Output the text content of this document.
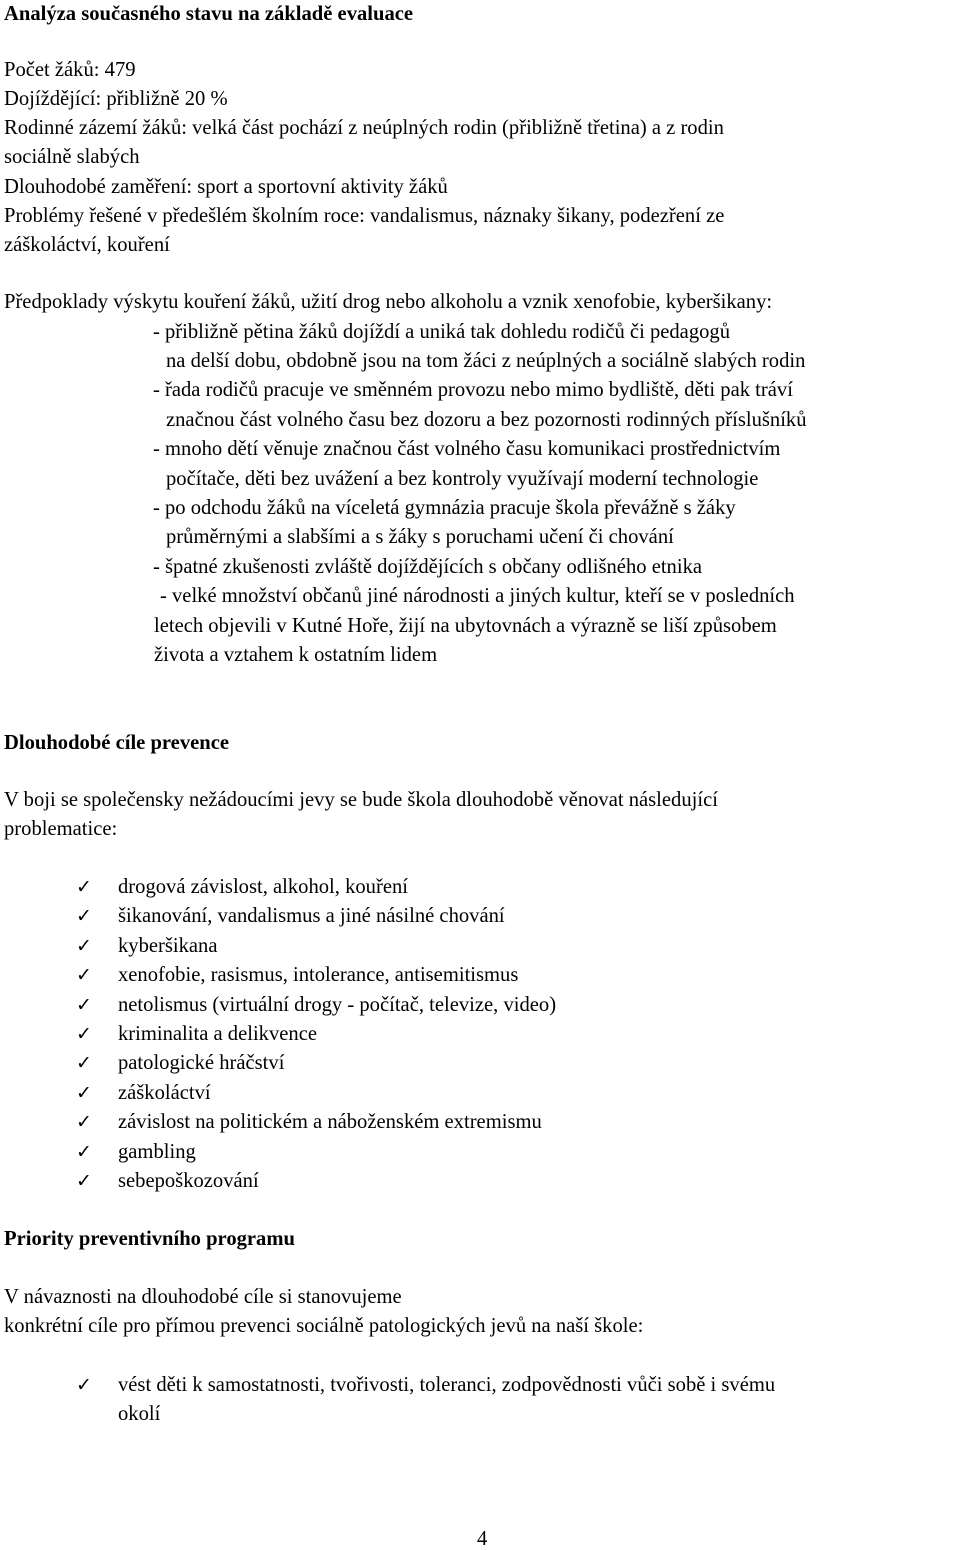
Analýza současného stavu na základě evaluace
Počet žáků: 479
Dojíždějící: přibližně 20 %
Rodinné zázemí žáků: velká část pochází z neúplných rodin (přibližně třetina) a z rodin
sociálně slabých
Dlouhodobé zaměření: sport a sportovní aktivity žáků
Problémy řešené v předešlém školním roce: vandalismus, náznaky šikany, podezření ze
záškoláctví, kouření
Předpoklady výskytu kouření žáků, užití drog nebo alkoholu a vznik xenofobie, kyberšikany:
- přibližně pětina žáků dojíždí a uniká tak dohledu rodičů či pedagogů
na delší dobu, obdobně jsou na tom žáci z neúplných a sociálně slabých rodin
- řada rodičů pracuje ve směnném provozu nebo mimo bydliště, děti pak tráví
značnou část volného času bez dozoru a bez pozornosti rodinných příslušníků
- mnoho dětí věnuje značnou část volného času komunikaci prostřednictvím
počítače, děti bez uvážení a bez kontroly využívají moderní technologie
- po odchodu žáků na víceletá gymnázia pracuje škola převážně s žáky
průměrnými a slabšími a s žáky s poruchami učení či chování
- špatné zkušenosti zvláště dojíždějících s občany odlišného etnika
- velké množství občanů jiné národnosti a jiných kultur, kteří se v posledních
letech objevili v Kutné Hoře, žijí na ubytovnách a výrazně se liší způsobem
života a vztahem k ostatním lidem
Dlouhodobé cíle prevence
V boji se společensky nežádoucími jevy se bude škola dlouhodobě věnovat následující
problematice:
✓ drogová závislost, alkohol, kouření
✓ šikanování, vandalismus a jiné násilné chování
✓ kyberšikana
✓ xenofobie, rasismus, intolerance, antisemitismus
✓ netolismus (virtuální drogy - počítač, televize, video)
✓ kriminalita a delikvence
✓ patologické hráčství
✓ záškoláctví
✓ závislost na politickém a náboženském extremismu
✓ gambling
✓ sebepoškozování
Priority preventivního programu
V návaznosti na dlouhodobé cíle si stanovujeme
konkrétní cíle pro přímou prevenci sociálně patologických jevů na naší škole:
✓ vést děti k samostatnosti, tvořivosti, toleranci, zodpovědnosti vůči sobě i svému
okolí
4
